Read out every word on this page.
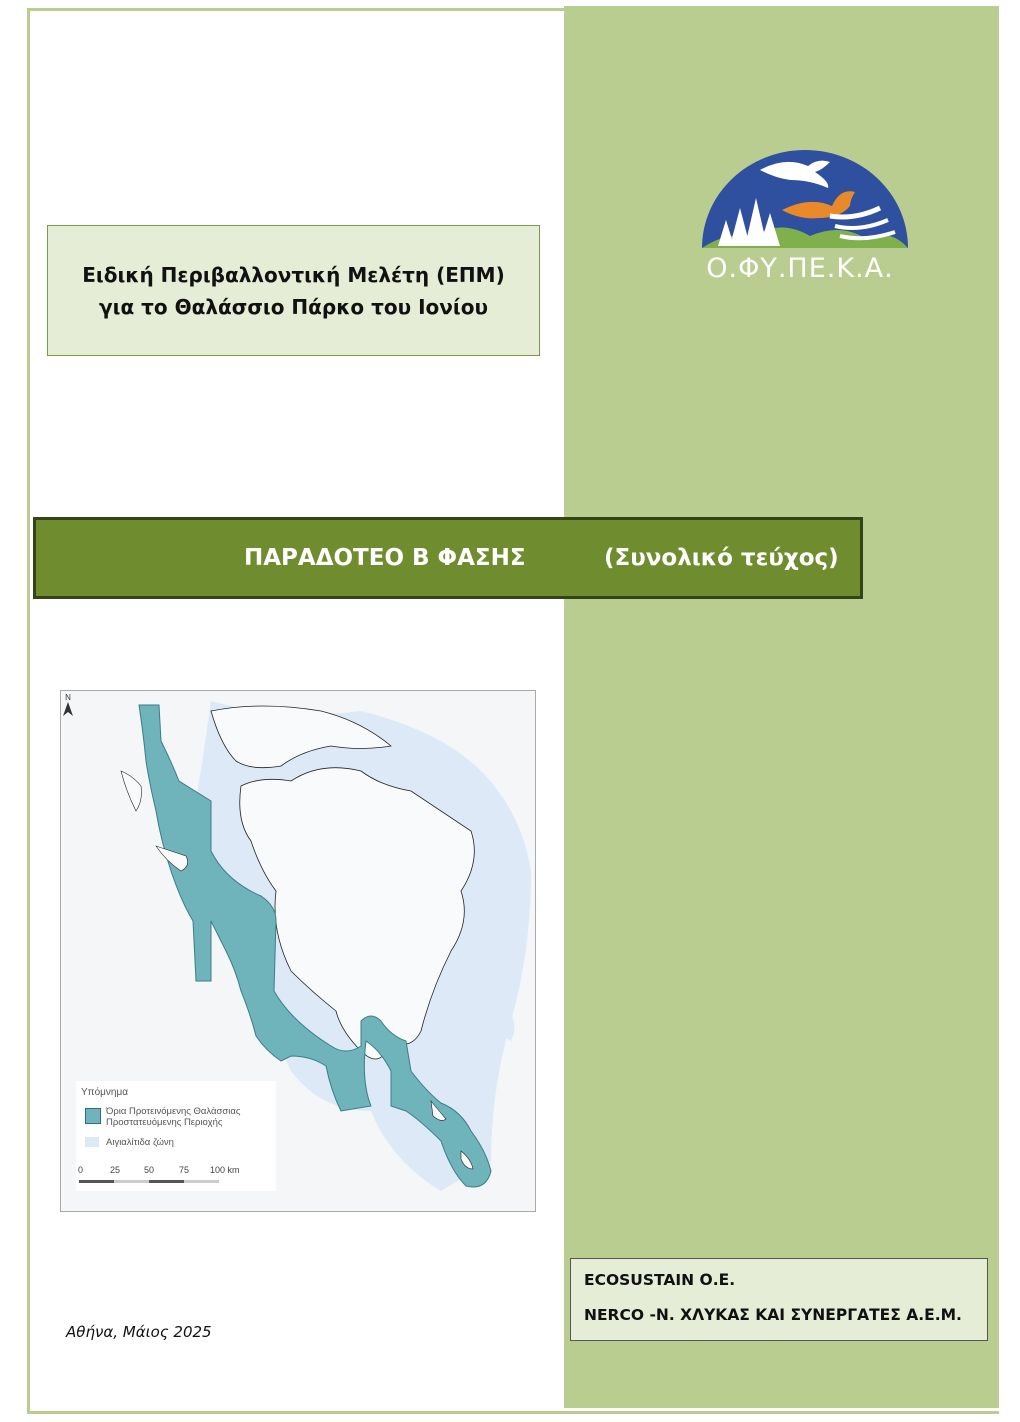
Ο.ΦΥ.ΠΕ.Κ.Α.
Ειδική Περιβαλλοντική Μελέτη (ΕΠΜ)
για το Θαλάσσιο Πάρκο του Ιονίου
ΠΑΡΑΔΟΤΕΟ Β ΦΑΣΗΣ	(Συνολικό τεύχος)
N
Υπόμνημα
Όρια Προτεινόμενης Θαλάσσιας Προστατευόμενης Περιοχής
Αιγιαλίτιδα ζώνη
0	25	50	75 100 km
ECOSUSTAIN Ο.Ε.
NERCO -Ν. ΧΛΥΚΑΣ ΚΑΙ ΣΥΝΕΡΓΑΤΕΣ Α.Ε.Μ.
Αθήνα, Μάιος 2025
